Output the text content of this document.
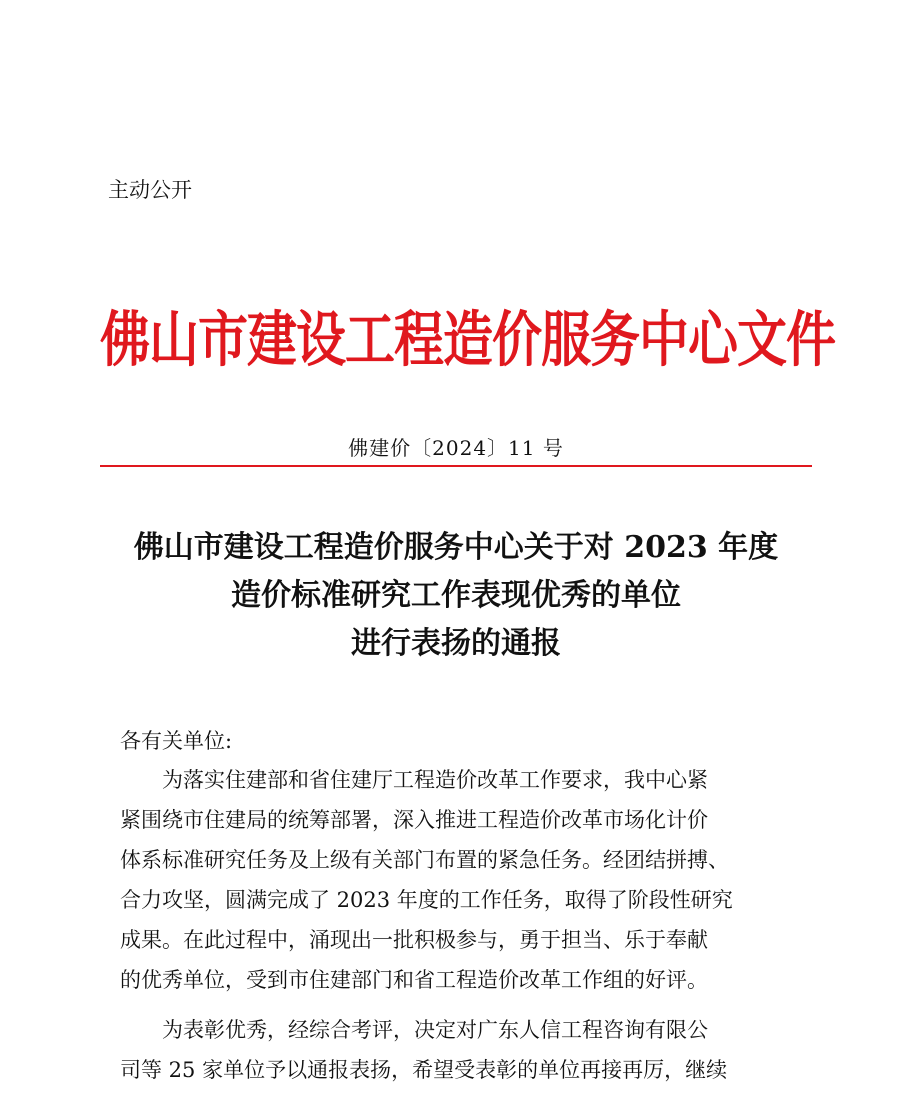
主动公开
佛山市建设工程造价服务中心文件
佛建价〔2024〕11 号
佛山市建设工程造价服务中心关于对 2023 年度
造价标准研究工作表现优秀的单位
进行表扬的通报
各有关单位:
为落实住建部和省住建厅工程造价改革工作要求，我中心紧
紧围绕市住建局的统筹部署，深入推进工程造价改革市场化计价
体系标准研究任务及上级有关部门布置的紧急任务。经团结拼搏、
合力攻坚，圆满完成了 2023 年度的工作任务，取得了阶段性研究
成果。在此过程中，涌现出一批积极参与，勇于担当、乐于奉献
的优秀单位，受到市住建部门和省工程造价改革工作组的好评。
为表彰优秀，经综合考评，决定对广东人信工程咨询有限公
司等 25 家单位予以通报表扬，希望受表彰的单位再接再厉，继续
